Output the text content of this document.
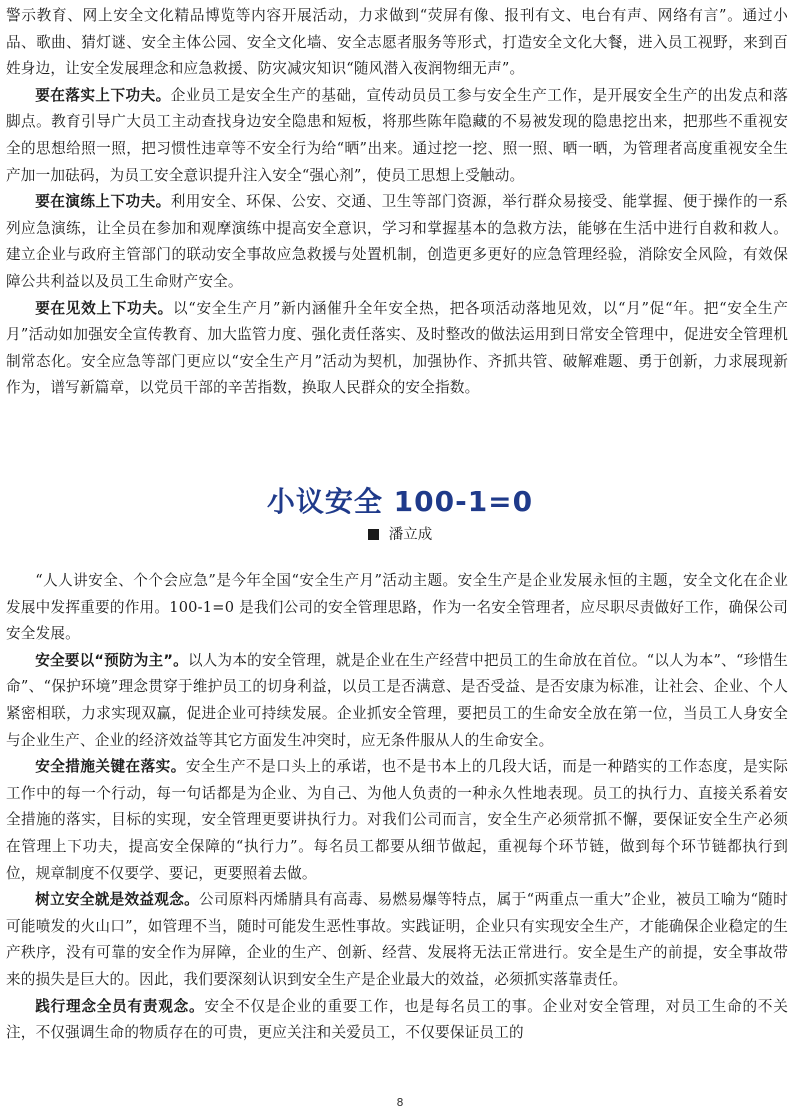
警示教育、网上安全文化精品博览等内容开展活动，力求做到“荧屏有像、报刊有文、电台有声、网络有言”。通过小品、歌曲、猜灯谜、安全主体公园、安全文化墙、安全志愿者服务等形式，打造安全文化大餐，进入员工视野，来到百姓身边，让安全发展理念和应急救援、防灾减灾知识“随风潜入夜润物细无声”。

要在落实上下功夫。企业员工是安全生产的基础，宣传动员员工参与安全生产工作，是开展安全生产的出发点和落脚点。教育引导广大员工主动查找身边安全隐患和短板，将那些陈年隐藏的不易被发现的隐患挖出来，把那些不重视安全的思想给照一照，把习惯性违章等不安全行为给“晒”出来。通过挖一挖、照一照、晒一晒，为管理者高度重视安全生产加一加砝码，为员工安全意识提升注入安全“强心剂”，使员工思想上受触动。

要在演练上下功夫。利用安全、环保、公安、交通、卫生等部门资源，举行群众易接受、能掌握、便于操作的一系列应急演练，让全员在参加和观摩演练中提高安全意识，学习和掌握基本的急救方法，能够在生活中进行自救和救人。建立企业与政府主管部门的联动安全事故应急救援与处置机制，创造更多更好的应急管理经验，消除安全风险，有效保障公共利益以及员工生命财产安全。

要在见效上下功夫。以“安全生产月”新内涵催升全年安全热，把各项活动落地见效，以“月”促“年。把“安全生产月”活动如加强安全宣传教育、加大监管力度、强化责任落实、及时整改的做法运用到日常安全管理中，促进安全管理机制常态化。安全应急等部门更应以“安全生产月”活动为契机，加强协作、齐抓共管、破解难题、勇于创新，力求展现新作为，谱写新篇章，以党员干部的辛苦指数，换取人民群众的安全指数。

小议安全 100-1=0
潘立成

“人人讲安全、个个会应急”是今年全国“安全生产月”活动主题。安全生产是企业发展永恒的主题，安全文化在企业发展中发挥重要的作用。100-1=0 是我们公司的安全管理思路，作为一名安全管理者，应尽职尽责做好工作，确保公司安全发展。

安全要以“预防为主”。以人为本的安全管理，就是企业在生产经营中把员工的生命放在首位。“以人为本”、“珍惜生命”、“保护环境”理念贯穿于维护员工的切身利益，以员工是否满意、是否受益、是否安康为标准，让社会、企业、个人紧密相联，力求实现双赢，促进企业可持续发展。企业抓安全管理，要把员工的生命安全放在第一位，当员工人身安全与企业生产、企业的经济效益等其它方面发生冲突时，应无条件服从人的生命安全。

安全措施关键在落实。安全生产不是口头上的承诺，也不是书本上的几段大话，而是一种踏实的工作态度，是实际工作中的每一个行动，每一句话都是为企业、为自己、为他人负责的一种永久性地表现。员工的执行力、直接关系着安全措施的落实，目标的实现，安全管理更要讲执行力。对我们公司而言，安全生产必须常抓不懈，要保证安全生产必须在管理上下功夫，提高安全保障的“执行力”。每名员工都要从细节做起，重视每个环节链，做到每个环节链都执行到位，规章制度不仅要学、要记，更要照着去做。

树立安全就是效益观念。公司原料丙烯腈具有高毒、易燃易爆等特点，属于“两重点一重大”企业，被员工喻为“随时可能喷发的火山口”，如管理不当，随时可能发生恶性事故。实践证明，企业只有实现安全生产，才能确保企业稳定的生产秩序，没有可靠的安全作为屏障，企业的生产、创新、经营、发展将无法正常进行。安全是生产的前提，安全事故带来的损失是巨大的。因此，我们要深刻认识到安全生产是企业最大的效益，必须抓实落靠责任。

践行理念全员有责观念。安全不仅是企业的重要工作，也是每名员工的事。企业对安全管理，对员工生命的不关注，不仅强调生命的物质存在的可贵，更应关注和关爱员工，不仅要保证员工的

8
